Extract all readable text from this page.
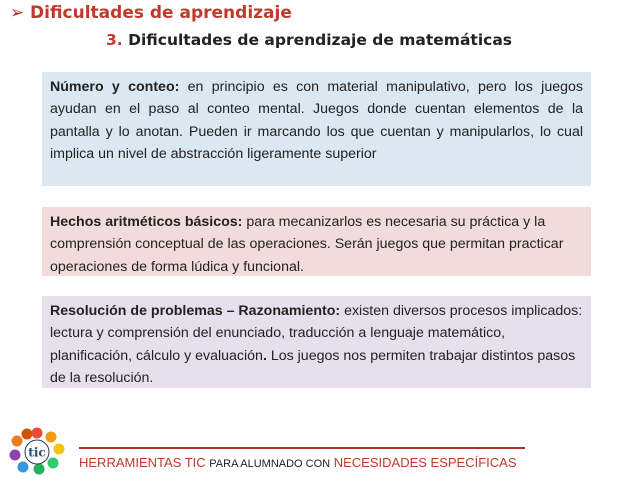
➢ Dificultades de aprendizaje
3. Dificultades de aprendizaje de matemáticas
Número y conteo: en principio es con material manipulativo, pero los juegos ayudan en el paso al conteo mental. Juegos donde cuentan elementos de la pantalla y lo anotan. Pueden ir marcando los que cuentan y manipularlos, lo cual implica un nivel de abstracción ligeramente superior
Hechos aritméticos básicos: para mecanizarlos es necesaria su práctica y la comprensión conceptual de las operaciones. Serán juegos que permitan practicar operaciones de forma lúdica y funcional.
Resolución de problemas – Razonamiento: existen diversos procesos implicados: lectura y comprensión del enunciado, traducción a lenguaje matemático, planificación, cálculo y evaluación. Los juegos nos permiten trabajar distintos pasos de la resolución.
tic
HERRAMIENTAS TIC PARA ALUMNADO CON NECESIDADES ESPECÍFICAS
